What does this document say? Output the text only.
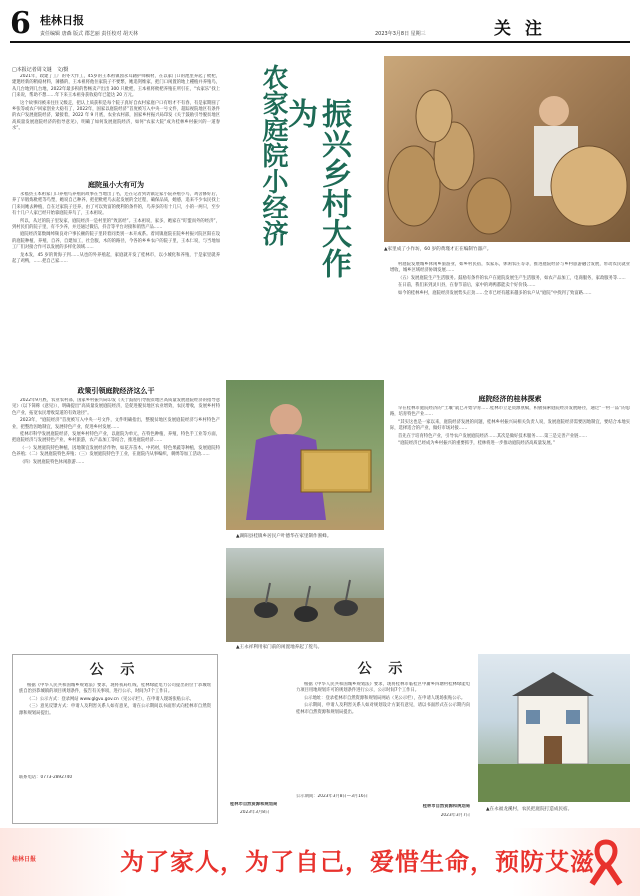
6 桂林日报
责任编辑 唐森 版式 郡艺丽 责任校对 胡天林	2023年3月8日 星期三	关 注
□本报记者周文谜　文/摄

2021年，政建了工厂的冬大作工，45岁的王本祖镇园永耳籍护师稿材，在以家门口的池里养起了枇杷，建邀经新的稍稳材料，薄播的，王本祖将他住家院子不要繁，她追剑维家，把门口闲置的地上種植并养殖鸟，从几台地到几台地，2022年最多积的售畅卖产出出 300 只枇杷，王本祖将枇杷养殖在所引在，“农家乐”找上门来说，帮助不想……年下来王本祖身获收稳年已能达 20 万元。

这个故事同被来往住又级走，把认上质获积是每个院子真好自农村家庭户口有组才不有春，有是家期圆了乡张等或农户回家创业大稳有了，2022年，国家以庭院经济”首度被写入中央一号文件，超踪视院地区有条件的农户发展庭院经济，紧接着，2022 年 9 月底，农业农村部，国家乡村振兴局印发《关于鼓励引导脱贫地区高质量发展庭院经济的指导意见》，明确了如何发展庭院经济，如何“农家大院”成为桂林乡村振兴的一道春水”。	农家庭院小经济 振兴乡村大作为
▲家里成了小作坊，60 岁的黄瑾才正在编制竹器产。
庭院虽小大有可为

永福县王本祖家门口养殖鸟养殖的故事在当地出了名，还在记者到访镇定家小院养殖小鸟，鸡舍修好后，养了早锻炼枇杷等鸟塑，她说自己种养，把把枇杷鸟去起发展的全过程，确保品质，她感，追来不少农民找上门来问她去种植，自在过家院子还养，由了可以致富的便利的条件的，鸟养多的有十几只，小的一两只，至少有十几户人家已经开始靠庭院养鸟了，王本祖说。

所以，从过的院子里发家，庭院经济一是村里的”致富经”。王本祖说，家多，她家在“盯盟而外的经济”，到村民们的院子里，有不少养，并还通过微信，抖音等平台对接和销售产品……

庭院经济第数阔绰频良对户事长额的院子里转着同类别一本开成系。着同镇庭院在院乡村振兴院区阳在设的庭院种植、养殖、自养，自建加工，社会服，木的的路径，今各的乡乡农户的院子里，王本仁说，与当地加工厂们对接合作可以发展的多样化领域……

龙本发，45 岁的黄海子到……从也的外养殖起，家庭就开发了桂林市，以小城化和养殖，于是家里就养起了鸡鸭，……把自己家……

政策引领庭院经济这么干

2022年9月底，农业农村部，国家乡村振兴局印发《关于鼓励引导脱贫地区高质量发展庭院经济的指导意见》（以下简称《意见》），明确提出“高质量发展庭院经济，是促进脱贫地区农业增效，农民增收，发展乡村特色产业，拓宽农民增收渠道的有效途径”。

2023年，“庭院经济”首度被写入中央一号文件，文件明确指出，整脱贫地区发展庭院经济与乡村特色产业，把整治因地制宜，发展特色产业，促进乡村发展……

桂林市科学发展庭院经济，发展乡村特色产业，以庭院为单元，在特色种植，养殖，特色手工业等方面，把庭院经济与发展特色产业，乡村旅游，农产品加工等结合，推进庭院经济……

（一）发展庭院特色种植，因地制宜发展经济作物，如花卉苗木，中药材，特色果蔬等种植，发展庭院特色养殖；（二）发展庭院特色养殖；（三）发展庭院特色手工业，在庭院内从事编织，刺绣等加工活动……

（四）发展庭院特色休闲旅游……

▲湖阳县桂镇乡居民户叶德华在家里制作蜜蜂。

村庭院发展城乡休闲乡旅游业，如乡村民宿，农家乐，休闲农庄等等，推进庭院经济与乡村旅游融合发展，带动农民就业增收，城乡区域经济协调发展……

（五）发展庭院生产生活服务。鼓励有条件的农户在庭院发展生产生活服务，如农产品加工，电商服务，家政服务等……

在日前，我们来到灵川县，在春节前后，家中的鸡鸭都能卖个好价钱……

如今的桂林乡村，庭院经济发展势头正劲……全市已经有越来越多的农户从“庭院”中找到了致富路……

庭院经济的桂林探索

早在桂林市庭院经济的“土壤”就已开始孕育……桂林市立足资源禀赋，积极探索庭院经济发展路径，通过“一村一品”的思路，培育特色产业……

“其实这也是一家以来，庭院经济发展的问题，桂林乡村振兴局相关负责人说，发展庭院经济需要因地制宜，要结合本地实际，选择适合的产业，做好市场对接……

首先在于培育特色产业，引导农户发展庭院经济……其次是做好技术服务……第三是完善产业链……

“庭院经济已经成为乡村振兴的重要抓手，桂林将进一步推动庭院经济高质量发展。”

▲王永祥利用家门前的闲置地养起了鸵鸟。
公 示

根据《中华人民共和国城乡规划法》要求，现将我局红线，桂林绿能电力公司提出的位于恭城瑶族自治县恭城镇的项目规划条件，报告有关事项，进行公示，时间为7个工作日。

（二）公示方式：登录网站 www.glgvu.gov.cn（见公示栏），在申请人现场张贴公示。

（三）意见反馈方式：申请人及利害关系人如有意见，请在公示期间以书面形式向桂林市自然资源和规划局提出。

联系电话：0773-2892740
桂林市自然资源和规划局
2023年3月8日
公 示

根据《中华人民共和国城乡规划法》要求，现将桂林市临桂区中庸乡四塘村桂林绿能电力项目用地规划许可的规划条件进行公示，公示时间7个工作日。

公示地址：登录桂林市自然资源和规划局网站（见公示栏），在申请人现场张贴公示。

公示期间，申请人及利害关系人如对规划设计方案有意见，请以书面形式在公示期内向桂林市自然资源和规划局提出。

公示期间：2023年3月8日—3月16日
桂林市自然资源和规划局
2023年3月7日
▲在永福龙溪村，农民把庭院打造成民宿。
桂林日报	为了家人，为了自己，爱惜生命，预防艾滋
